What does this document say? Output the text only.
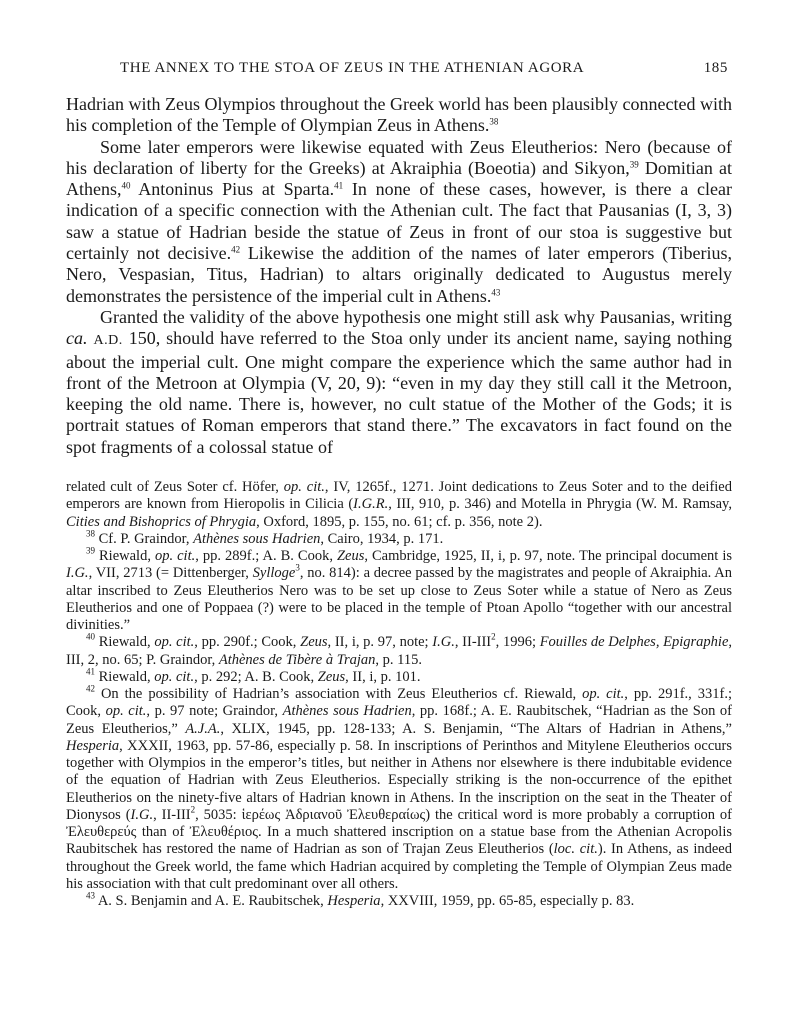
THE ANNEX TO THE STOA OF ZEUS IN THE ATHENIAN AGORA	185

Hadrian with Zeus Olympios throughout the Greek world has been plausibly connected with his completion of the Temple of Olympian Zeus in Athens.$^{38}$

Some later emperors were likewise equated with Zeus Eleutherios: Nero (because of his declaration of liberty for the Greeks) at Akraiphia (Boeotia) and Sikyon,$^{39}$ Domitian at Athens,$^{40}$ Antoninus Pius at Sparta.$^{41}$ In none of these cases, however, is there a clear indication of a specific connection with the Athenian cult. The fact that Pausanias (I, 3, 3) saw a statue of Hadrian beside the statue of Zeus in front of our stoa is suggestive but certainly not decisive.$^{42}$ Likewise the addition of the names of later emperors (Tiberius, Nero, Vespasian, Titus, Hadrian) to altars originally dedicated to Augustus merely demonstrates the persistence of the imperial cult in Athens.$^{43}$

Granted the validity of the above hypothesis one might still ask why Pausanias, writing ca. A.D. 150, should have referred to the Stoa only under its ancient name, saying nothing about the imperial cult. One might compare the experience which the same author had in front of the Metroon at Olympia (V, 20, 9): “even in my day they still call it the Metroon, keeping the old name. There is, however, no cult statue of the Mother of the Gods; it is portrait statues of Roman emperors that stand there.” The excavators in fact found on the spot fragments of a colossal statue of

related cult of Zeus Soter cf. Höfer, op. cit., IV, 1265f., 1271. Joint dedications to Zeus Soter and to the deified emperors are known from Hieropolis in Cilicia (I.G.R., III, 910, p. 346) and Motella in Phrygia (W. M. Ramsay, Cities and Bishoprics of Phrygia, Oxford, 1895, p. 155, no. 61; cf. p. 356, note 2).

$^{38}$ Cf. P. Graindor, Athènes sous Hadrien, Cairo, 1934, p. 171.

$^{39}$ Riewald, op. cit., pp. 289f.; A. B. Cook, Zeus, Cambridge, 1925, II, i, p. 97, note. The principal document is I.G., VII, 2713 (= Dittenberger, Sylloge$^3$, no. 814): a decree passed by the magistrates and people of Akraiphia. An altar inscribed to Zeus Eleutherios Nero was to be set up close to Zeus Soter while a statue of Nero as Zeus Eleutherios and one of Poppaea (?) were to be placed in the temple of Ptoan Apollo “together with our ancestral divinities.”

$^{40}$ Riewald, op. cit., pp. 290f.; Cook, Zeus, II, i, p. 97, note; I.G., II-III$^2$, 1996; Fouilles de Delphes, Epigraphie, III, 2, no. 65; P. Graindor, Athènes de Tibère à Trajan, p. 115.

$^{41}$ Riewald, op. cit., p. 292; A. B. Cook, Zeus, II, i, p. 101.

$^{42}$ On the possibility of Hadrian’s association with Zeus Eleutherios cf. Riewald, op. cit., pp. 291f., 331f.; Cook, op. cit., p. 97 note; Graindor, Athènes sous Hadrien, pp. 168f.; A. E. Raubitschek, “Hadrian as the Son of Zeus Eleutherios,” A.J.A., XLIX, 1945, pp. 128-133; A. S. Benjamin, “The Altars of Hadrian in Athens,” Hesperia, XXXII, 1963, pp. 57-86, especially p. 58. In inscriptions of Perinthos and Mitylene Eleutherios occurs together with Olympios in the emperor’s titles, but neither in Athens nor elsewhere is there indubitable evidence of the equation of Hadrian with Zeus Eleutherios. Especially striking is the non-occurrence of the epithet Eleutherios on the ninety-five altars of Hadrian known in Athens. In the inscription on the seat in the Theater of Dionysos (I.G., II-III$^2$, 5035: ἱερέως Ἀδριανοῦ Ἐλευθεραίως) the critical word is more probably a corruption of Ἐλευθερεύς than of Ἐλευθέριος. In a much shattered inscription on a statue base from the Athenian Acropolis Raubitschek has restored the name of Hadrian as son of Trajan Zeus Eleutherios (loc. cit.). In Athens, as indeed throughout the Greek world, the fame which Hadrian acquired by completing the Temple of Olympian Zeus made his association with that cult predominant over all others.

$^{43}$ A. S. Benjamin and A. E. Raubitschek, Hesperia, XXVIII, 1959, pp. 65-85, especially p. 83.
